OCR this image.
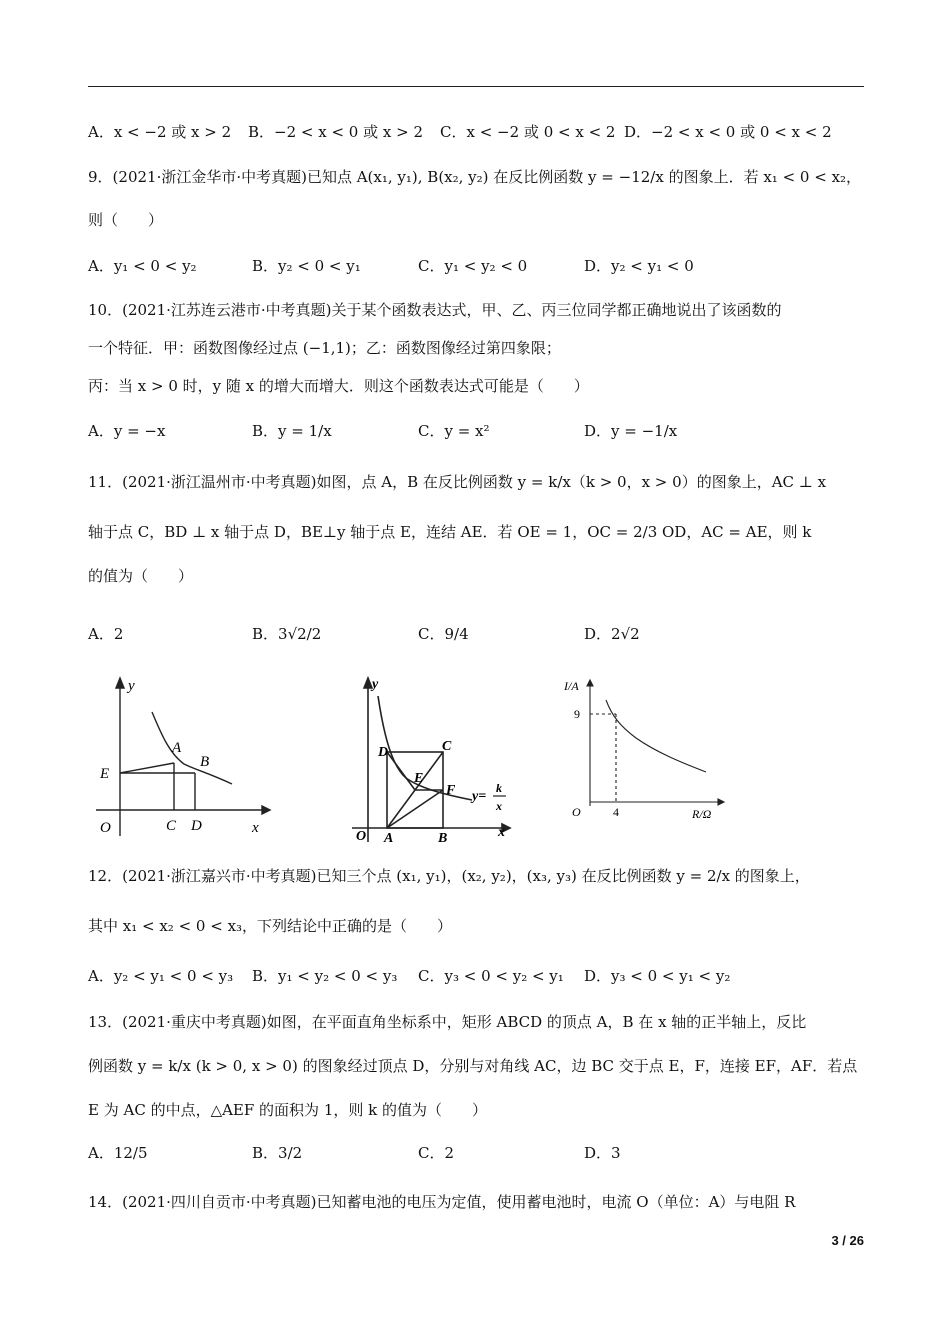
A．x < −2 或 x > 2 B．−2 < x < 0 或 x > 2 C．x < −2 或 0 < x < 2 D．−2 < x < 0 或 0 < x < 2
9．(2021·浙江金华市·中考真题)已知点 A(x₁, y₁), B(x₂, y₂) 在反比例函数 y = −12/x 的图象上．若 x₁ < 0 < x₂，
则（　　）
A．y₁ < 0 < y₂	B．y₂ < 0 < y₁	C．y₁ < y₂ < 0	D．y₂ < y₁ < 0
10．(2021·江苏连云港市·中考真题)关于某个函数表达式，甲、乙、丙三位同学都正确地说出了该函数的
一个特征．甲：函数图像经过点 (−1,1)；乙：函数图像经过第四象限；
丙：当 x > 0 时，y 随 x 的增大而增大．则这个函数表达式可能是（　　）
A．y = −x	B．y = 1/x	C．y = x²	D．y = −1/x
11．(2021·浙江温州市·中考真题)如图，点 A，B 在反比例函数 y = k/x（k > 0，x > 0）的图象上，AC ⊥ x
轴于点 C，BD ⊥ x 轴于点 D，BE⊥y 轴于点 E，连结 AE．若 OE = 1，OC = 2/3 OD，AC = AE，则 k
的值为（　　）
A．2	B．3√2/2	C．9/4	D．2√2
y
x
O
A
B
C D
E
y
x
O A	B
C
D
E
F y=
k
x
I/A
R/Ω
O
9
4
12．(2021·浙江嘉兴市·中考真题)已知三个点 (x₁, y₁)，(x₂, y₂)，(x₃, y₃) 在反比例函数 y = 2/x 的图象上，
其中 x₁ < x₂ < 0 < x₃，下列结论中正确的是（　　）
A．y₂ < y₁ < 0 < y₃ B．y₁ < y₂ < 0 < y₃ C．y₃ < 0 < y₂ < y₁ D．y₃ < 0 < y₁ < y₂
13．(2021·重庆中考真题)如图，在平面直角坐标系中，矩形 ABCD 的顶点 A，B 在 x 轴的正半轴上，反比
例函数 y = k/x (k > 0, x > 0) 的图象经过顶点 D，分别与对角线 AC，边 BC 交于点 E，F，连接 EF，AF．若点
E 为 AC 的中点，△AEF 的面积为 1，则 k 的值为（　　）
A．12/5	B．3/2	C．2	D．3
14．(2021·四川自贡市·中考真题)已知蓄电池的电压为定值，使用蓄电池时，电流 O（单位：A）与电阻 R
3 / 26
